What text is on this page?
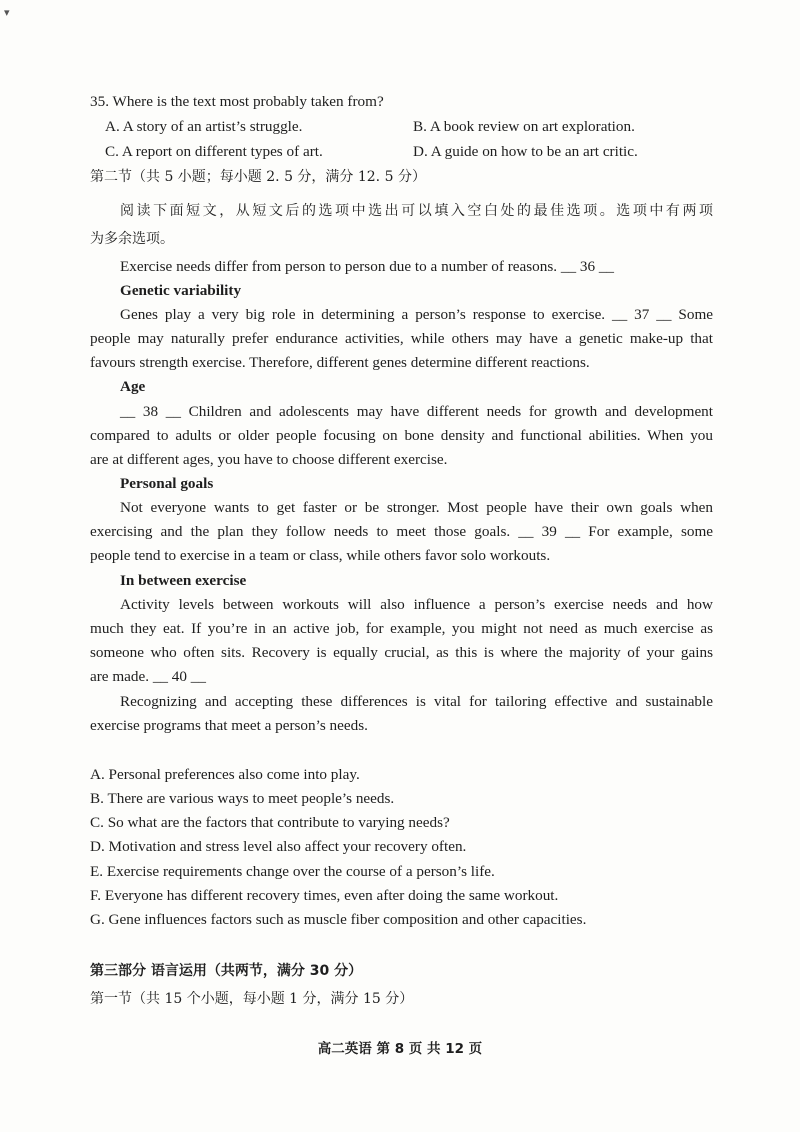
▾
35. Where is the text most probably taken from?
A. A story of an artist’s struggle.	B. A book review on art exploration.
C. A report on different types of art.	D. A guide on how to be an art critic.
第二节（共 5 小题；每小题 2. 5 分，满分 12. 5 分）
阅读下面短文，从短文后的选项中选出可以填入空白处的最佳选项。选项中有两项
为多余选项。
Exercise needs differ from person to person due to a number of reasons. __ 36 __
Genetic variability
Genes play a very big role in determining a person’s response to exercise. __ 37 __ Some
people may naturally prefer endurance activities, while others may have a genetic make-up that
favours strength exercise. Therefore, different genes determine different reactions.
Age
__ 38 __ Children and adolescents may have different needs for growth and development
compared to adults or older people focusing on bone density and functional abilities. When you
are at different ages, you have to choose different exercise.
Personal goals
Not everyone wants to get faster or be stronger. Most people have their own goals when
exercising and the plan they follow needs to meet those goals. __ 39 __ For example, some
people tend to exercise in a team or class, while others favor solo workouts.
In between exercise
Activity levels between workouts will also influence a person’s exercise needs and how
much they eat. If you’re in an active job, for example, you might not need as much exercise as
someone who often sits. Recovery is equally crucial, as this is where the majority of your gains
are made. __ 40 __
Recognizing and accepting these differences is vital for tailoring effective and sustainable
exercise programs that meet a person’s needs.
A. Personal preferences also come into play.
B. There are various ways to meet people’s needs.
C. So what are the factors that contribute to varying needs?
D. Motivation and stress level also affect your recovery often.
E. Exercise requirements change over the course of a person’s life.
F. Everyone has different recovery times, even after doing the same workout.
G. Gene influences factors such as muscle fiber composition and other capacities.
第三部分 语言运用（共两节，满分 30 分）
第一节（共 15 个小题，每小题 1 分，满分 15 分）
高二英语 第 8 页 共 12 页
